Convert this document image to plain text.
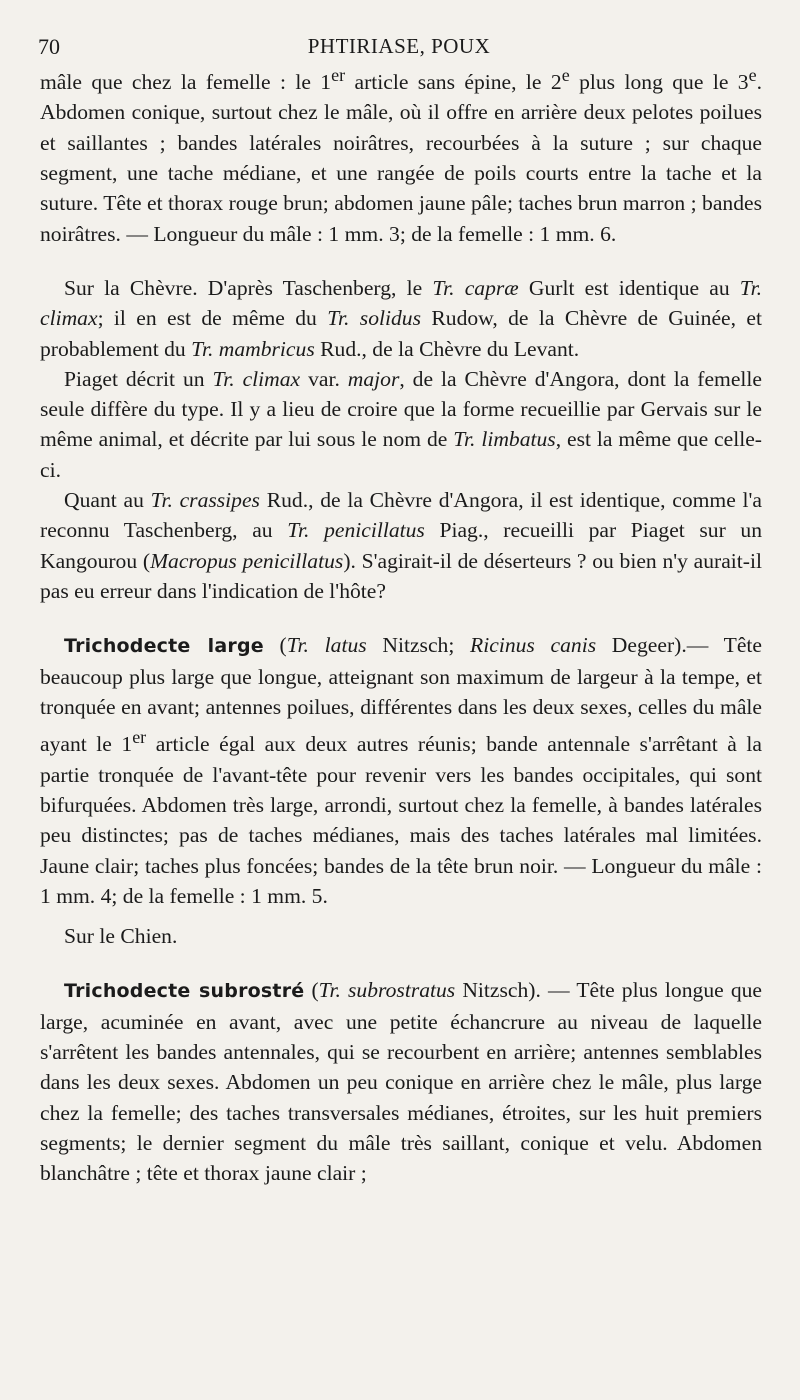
70	PHTIRIASE, POUX

mâle que chez la femelle : le 1er article sans épine, le 2e plus long que le 3e. Abdomen conique, surtout chez le mâle, où il offre en arrière deux pelotes poilues et saillantes ; bandes latérales noirâtres, recourbées à la suture ; sur chaque segment, une tache médiane, et une rangée de poils courts entre la tache et la suture. Tête et thorax rouge brun; abdomen jaune pâle; taches brun marron ; bandes noirâtres. — Longueur du mâle : 1 mm. 3; de la femelle : 1 mm. 6.

Sur la Chèvre. D'après Taschenberg, le Tr. capræ Gurlt est identique au Tr. climax; il en est de même du Tr. solidus Rudow, de la Chèvre de Guinée, et probablement du Tr. mambricus Rud., de la Chèvre du Levant.

Piaget décrit un Tr. climax var. major, de la Chèvre d'Angora, dont la femelle seule diffère du type. Il y a lieu de croire que la forme recueillie par Gervais sur le même animal, et décrite par lui sous le nom de Tr. limbatus, est la même que celle-ci.

Quant au Tr. crassipes Rud., de la Chèvre d'Angora, il est identique, comme l'a reconnu Taschenberg, au Tr. penicillatus Piag., recueilli par Piaget sur un Kangourou (Macropus penicillatus). S'agirait-il de déserteurs ? ou bien n'y aurait-il pas eu erreur dans l'indication de l'hôte?

Trichodecte large (Tr. latus Nitzsch; Ricinus canis Degeer).— Tête beaucoup plus large que longue, atteignant son maximum de largeur à la tempe, et tronquée en avant; antennes poilues, différentes dans les deux sexes, celles du mâle ayant le 1er article égal aux deux autres réunis; bande antennale s'arrêtant à la partie tronquée de l'avant-tête pour revenir vers les bandes occipitales, qui sont bifurquées. Abdomen très large, arrondi, surtout chez la femelle, à bandes latérales peu distinctes; pas de taches médianes, mais des taches latérales mal limitées. Jaune clair; taches plus foncées; bandes de la tête brun noir. — Longueur du mâle : 1 mm. 4; de la femelle : 1 mm. 5.

Sur le Chien.

Trichodecte subrostré (Tr. subrostratus Nitzsch). — Tête plus longue que large, acuminée en avant, avec une petite échancrure au niveau de laquelle s'arrêtent les bandes antennales, qui se recourbent en arrière; antennes semblables dans les deux sexes. Abdomen un peu conique en arrière chez le mâle, plus large chez la femelle; des taches transversales médianes, étroites, sur les huit premiers segments; le dernier segment du mâle très saillant, conique et velu. Abdomen blanchâtre ; tête et thorax jaune clair ;
